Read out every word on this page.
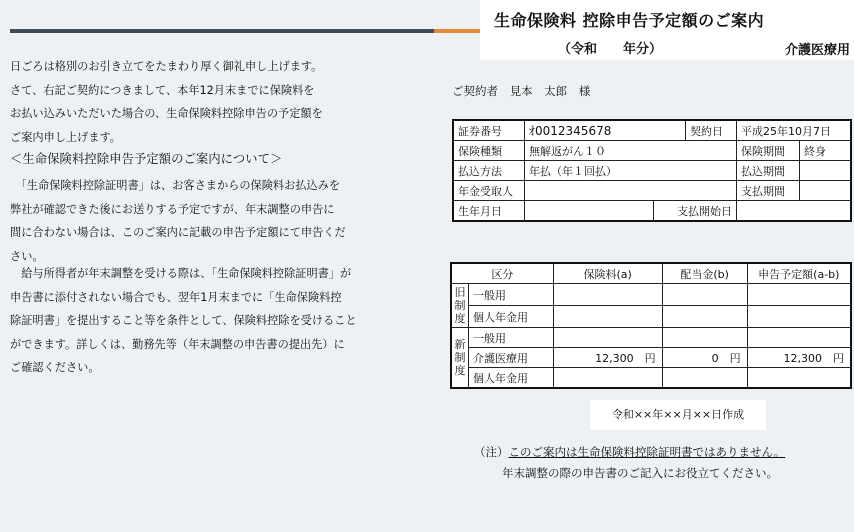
生命保険料 控除申告予定額のご案内
（令和　　年分）	介護医療用
日ごろは格別のお引き立てをたまわり厚く御礼申し上げます。
さて、右記ご契約につきまして、本年12月末までに保険料を
お払い込みいただいた場合の、生命保険料控除申告の予定額を
ご案内申し上げます。
＜生命保険料控除申告予定額のご案内について＞
　「生命保険料控除証明書」は、お客さまからの保険料お払込みを
弊社が確認できた後にお送りする予定ですが、年末調整の申告に
間に合わない場合は、このご案内に記載の申告予定額にて申告くだ
さい。
　給与所得者が年末調整を受ける際は、「生命保険料控除証明書」が
申告書に添付されない場合でも、翌年1月末までに「生命保険料控
除証明書」を提出すること等を条件として、保険料控除を受けること
ができます。詳しくは、勤務先等（年末調整の申告書の提出先）に
ご確認ください。
ご契約者 見本　太郎 様
証券番号	ｵ0012345678		契約日	平成25年10月7日	
保険種類	無解返がん１０			保険期間	終身
払込方法	年払（年１回払）			払込期間	
年金受取人				支払期間	
生年月日		支払開始日			
区分		保険料(a)	配当金(b)	申告予定額(a-b)
旧制度	一般用			
	個人年金用			
新制度	一般用			
	介護医療用	12,300　円	0　円	12,300　円
	個人年金用			
令和××年××月××日作成
（注）このご案内は生命保険料控除証明書ではありません。
年末調整の際の申告書のご記入にお役立てください。
